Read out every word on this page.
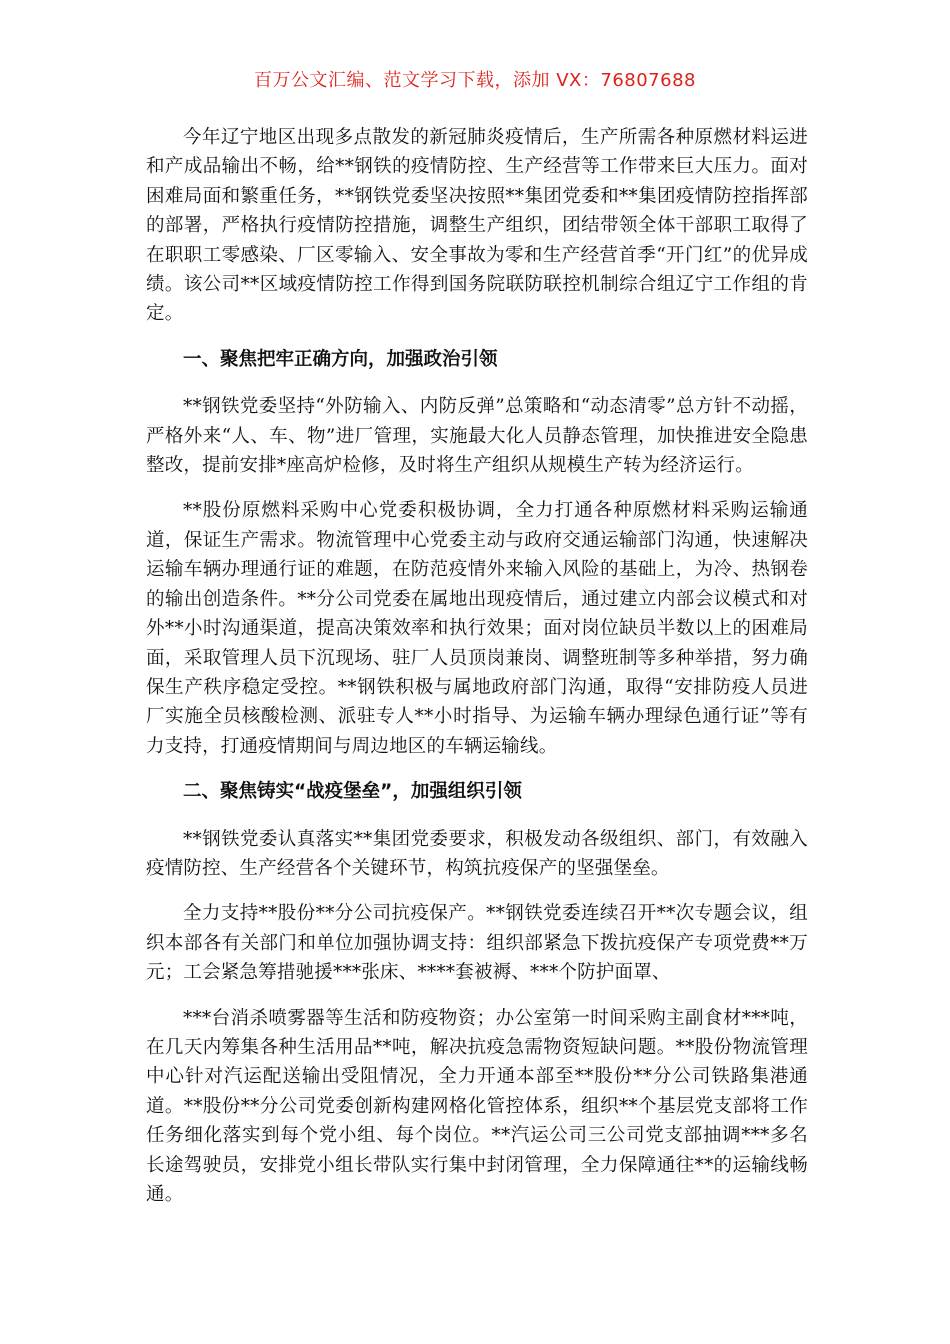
百万公文汇编、范文学习下载，添加 VX：76807688

今年辽宁地区出现多点散发的新冠肺炎疫情后，生产所需各种原燃材料运进和产成品输出不畅，给**钢铁的疫情防控、生产经营等工作带来巨大压力。面对困难局面和繁重任务，**钢铁党委坚决按照**集团党委和**集团疫情防控指挥部的部署，严格执行疫情防控措施，调整生产组织，团结带领全体干部职工取得了在职职工零感染、厂区零输入、安全事故为零和生产经营首季“开门红”的优异成绩。该公司**区域疫情防控工作得到国务院联防联控机制综合组辽宁工作组的肯定。

一、聚焦把牢正确方向，加强政治引领

**钢铁党委坚持“外防输入、内防反弹”总策略和“动态清零”总方针不动摇，严格外来“人、车、物”进厂管理，实施最大化人员静态管理，加快推进安全隐患整改，提前安排*座高炉检修，及时将生产组织从规模生产转为经济运行。

**股份原燃料采购中心党委积极协调，全力打通各种原燃材料采购运输通道，保证生产需求。物流管理中心党委主动与政府交通运输部门沟通，快速解决运输车辆办理通行证的难题，在防范疫情外来输入风险的基础上，为冷、热钢卷的输出创造条件。**分公司党委在属地出现疫情后，通过建立内部会议模式和对外**小时沟通渠道，提高决策效率和执行效果；面对岗位缺员半数以上的困难局面，采取管理人员下沉现场、驻厂人员顶岗兼岗、调整班制等多种举措，努力确保生产秩序稳定受控。**钢铁积极与属地政府部门沟通，取得“安排防疫人员进厂实施全员核酸检测、派驻专人**小时指导、为运输车辆办理绿色通行证”等有力支持，打通疫情期间与周边地区的车辆运输线。

二、聚焦铸实“战疫堡垒”，加强组织引领

**钢铁党委认真落实**集团党委要求，积极发动各级组织、部门，有效融入疫情防控、生产经营各个关键环节，构筑抗疫保产的坚强堡垒。

全力支持**股份**分公司抗疫保产。**钢铁党委连续召开**次专题会议，组织本部各有关部门和单位加强协调支持：组织部紧急下拨抗疫保产专项党费**万元；工会紧急筹措驰援***张床、****套被褥、***个防护面罩、

***台消杀喷雾器等生活和防疫物资；办公室第一时间采购主副食材***吨，在几天内筹集各种生活用品**吨，解决抗疫急需物资短缺问题。**股份物流管理中心针对汽运配送输出受阻情况，全力开通本部至**股份**分公司铁路集港通道。**股份**分公司党委创新构建网格化管控体系，组织**个基层党支部将工作任务细化落实到每个党小组、每个岗位。**汽运公司三公司党支部抽调***多名长途驾驶员，安排党小组长带队实行集中封闭管理，全力保障通往**的运输线畅通。
